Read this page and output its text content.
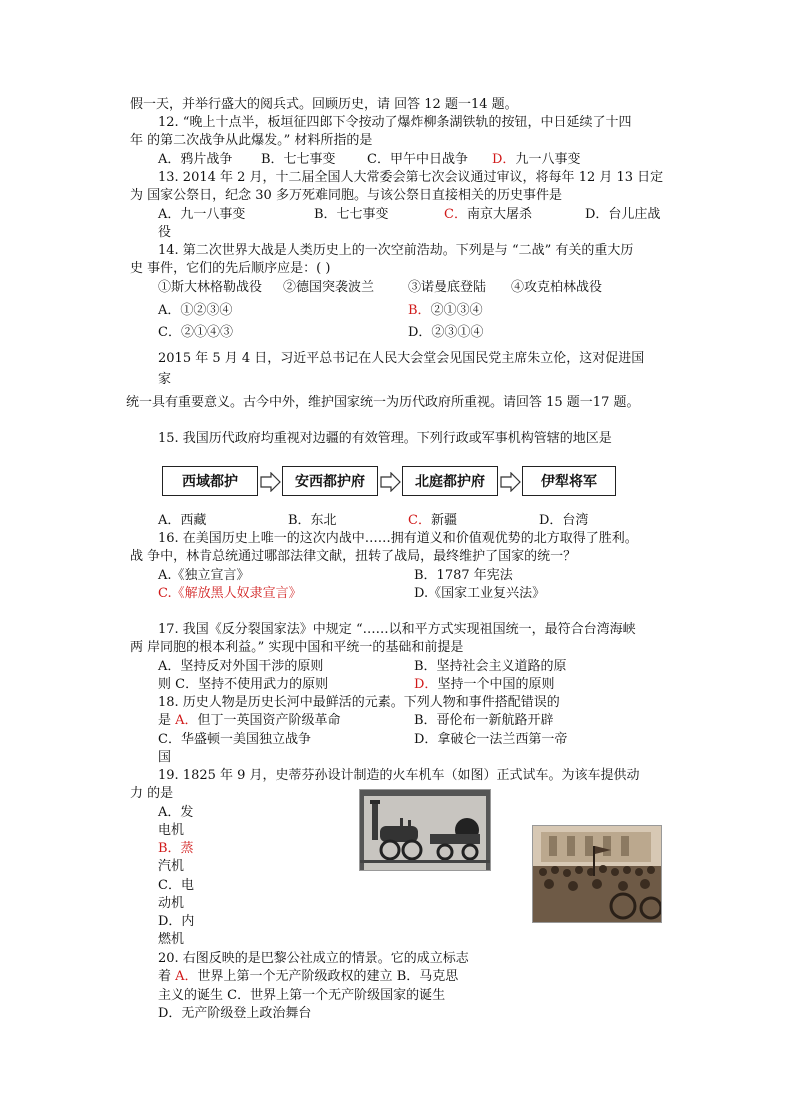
假一天，并举行盛大的阅兵式。回顾历史，请 回答 12 题一14 题。
12. “晚上十点半，板垣征四郎下令按动了爆炸柳条湖铁轨的按钮，中日延续了十四
年 的第二次战争从此爆发。” 材料所指的是
A．鸦片战争 B．七七事变 C．甲午中日战争 D．九一八事变
13. 2014 年 2 月，十二届全国人大常委会第七次会议通过审议，将每年 12 月 13 日定
为 国家公祭日，纪念 30 多万死难同胞。与该公祭日直接相关的历史事件是
A．九一八事变	B．七七事变	C．南京大屠杀	D．台儿庄战
役
14. 第二次世界大战是人类历史上的一次空前浩劫。下列是与 “二战” 有关的重大历
史 事件，它们的先后顺序应是：( )
①斯大林格勒战役 ②德国突袭波兰	③诺曼底登陆 ④攻克柏林战役
A．①②③④	B．②①③④
C．②①④③	D．②③①④
2015 年 5 月 4 日，习近平总书记在人民大会堂会见国民党主席朱立伦，这对促进国
家
统一具有重要意义。古今中外，维护国家统一为历代政府所重视。请回答 15 题一17 题。
15. 我国历代政府均重视对边疆的有效管理。下列行政或军事机构管辖的地区是
西域都护	安西都护府	北庭都护府	伊犁将军
A．西藏	B．东北	C．新疆	D．台湾
16. 在美国历史上唯一的这次内战中……拥有道义和价值观优势的北方取得了胜利。
战 争中，林肯总统通过哪部法律文献，扭转了战局，最终维护了国家的统一？
A.《独立宣言》	B．1787 年宪法
C.《解放黑人奴隶宣言》	D.《国家工业复兴法》
17. 我国《反分裂国家法》中规定 “……以和平方式实现祖国统一，最符合台湾海峡
两 岸同胞的根本利益。” 实现中国和平统一的基础和前提是
A．坚持反对外国干涉的原则	B．坚持社会主义道路的原
则 C．坚持不使用武力的原则	D．坚持一个中国的原则
18. 历史人物是历史长河中最鲜活的元素。下列人物和事件搭配错误的
是 A．但丁一英国资产阶级革命	B．哥伦布一新航路开辟
C．华盛顿一美国独立战争	D．拿破仑一法兰西第一帝
国
19. 1825 年 9 月，史蒂芬孙设计制造的火车机车（如图）正式试车。为该车提供动
力 的是
A．发
电机
B．蒸
汽机
C．电
动机
D．内
燃机
20. 右图反映的是巴黎公社成立的情景。它的成立标志
着 A．世界上第一个无产阶级政权的建立 B．马克思
主义的诞生 C．世界上第一个无产阶级国家的诞生
D．无产阶级登上政治舞台
